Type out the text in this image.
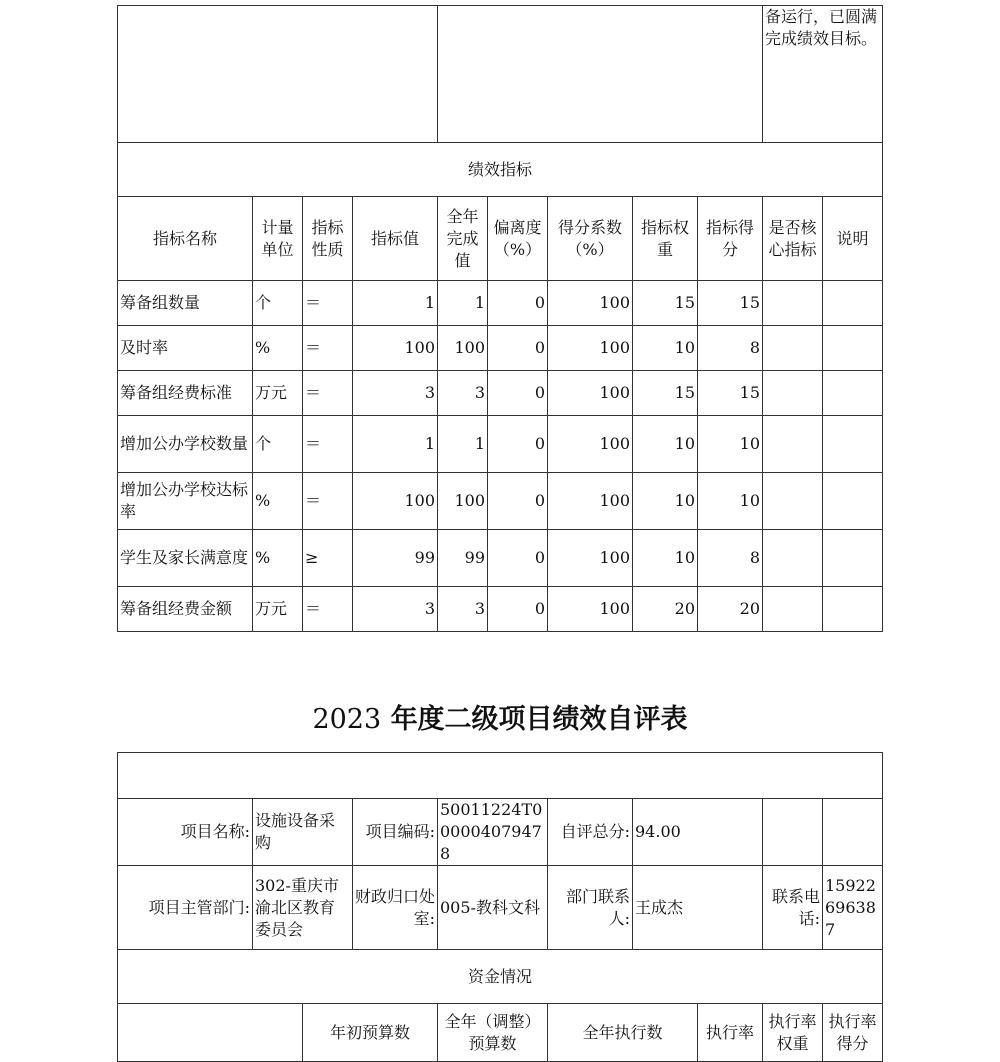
									备运行，已圆满完成绩效目标。	
绩效指标										
指标名称	计量单位	指标性质	指标值	全年完成值	偏离度（%）	得分系数（%）	指标权重	指标得分	是否核心指标	说明
筹备组数量	个	＝	1	1	0	100	15	15		
及时率	%	＝	100	100	0	100	10	8		
筹备组经费标准	万元	＝	3	3	0	100	15	15		
增加公办学校数量	个	＝	1	1	0	100	10	10		
增加公办学校达标率	%	＝	100	100	0	100	10	10		
学生及家长满意度	%	≥	99	99	0	100	10	8		
筹备组经费金额	万元	＝	3	3	0	100	20	20		
2023 年度二级项目绩效自评表

项目名称:	设施设备采购		项目编码:	50011224T000004079478	自评总分:	94.00			
项目主管部门:	302-重庆市渝北区教育委员会		财政归口处室:	005-教科文科	部门联系人:	王成杰		联系电话:	15922696387
资金情况									
		年初预算数		全年（调整）预算数	全年执行数		执行率	执行率权重	执行率得分
